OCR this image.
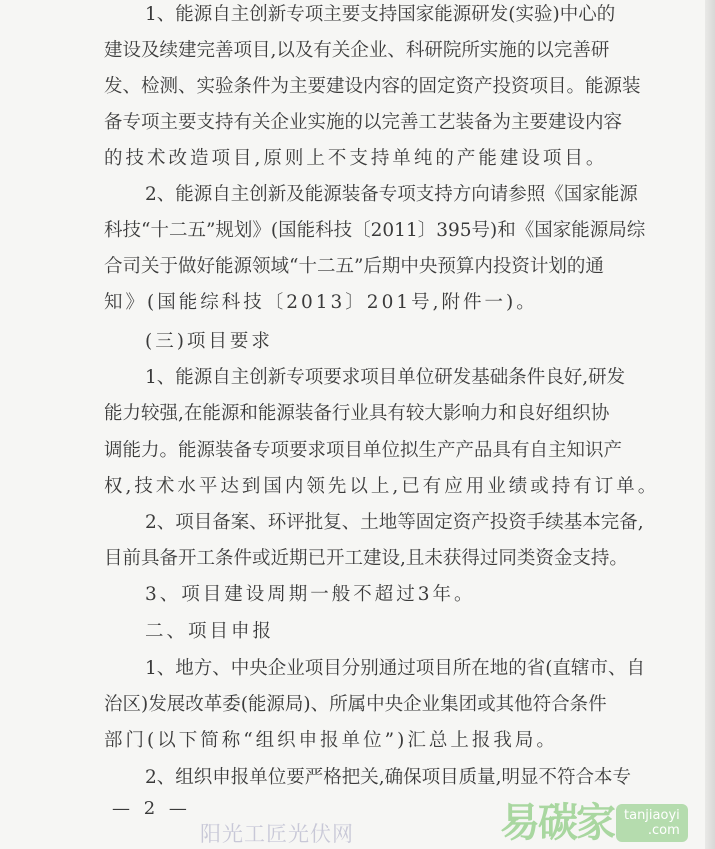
1、能源自主创新专项主要支持国家能源研发(实验)中心的
建设及续建完善项目,以及有关企业、科研院所实施的以完善研
发、检测、实验条件为主要建设内容的固定资产投资项目。能源装
备专项主要支持有关企业实施的以完善工艺装备为主要建设内容
的技术改造项目,原则上不支持单纯的产能建设项目。
2、能源自主创新及能源装备专项支持方向请参照《国家能源
科技“十二五”规划》(国能科技〔2011〕395号)和《国家能源局综
合司关于做好能源领域“十二五”后期中央预算内投资计划的通
知》(国能综科技〔2013〕201号,附件一)。
(三)项目要求
1、能源自主创新专项要求项目单位研发基础条件良好,研发
能力较强,在能源和能源装备行业具有较大影响力和良好组织协
调能力。能源装备专项要求项目单位拟生产产品具有自主知识产
权,技术水平达到国内领先以上,已有应用业绩或持有订单。
2、项目备案、环评批复、土地等固定资产投资手续基本完备,
目前具备开工条件或近期已开工建设,且未获得过同类资金支持。
3、项目建设周期一般不超过3年。
二、项目申报
1、地方、中央企业项目分别通过项目所在地的省(直辖市、自
治区)发展改革委(能源局)、所属中央企业集团或其他符合条件
部门(以下简称“组织申报单位”)汇总上报我局。
2、组织申报单位要严格把关,确保项目质量,明显不符合本专
阳光工匠光伏网
— 2 —	易碳家 tanjiaoyi
.com
